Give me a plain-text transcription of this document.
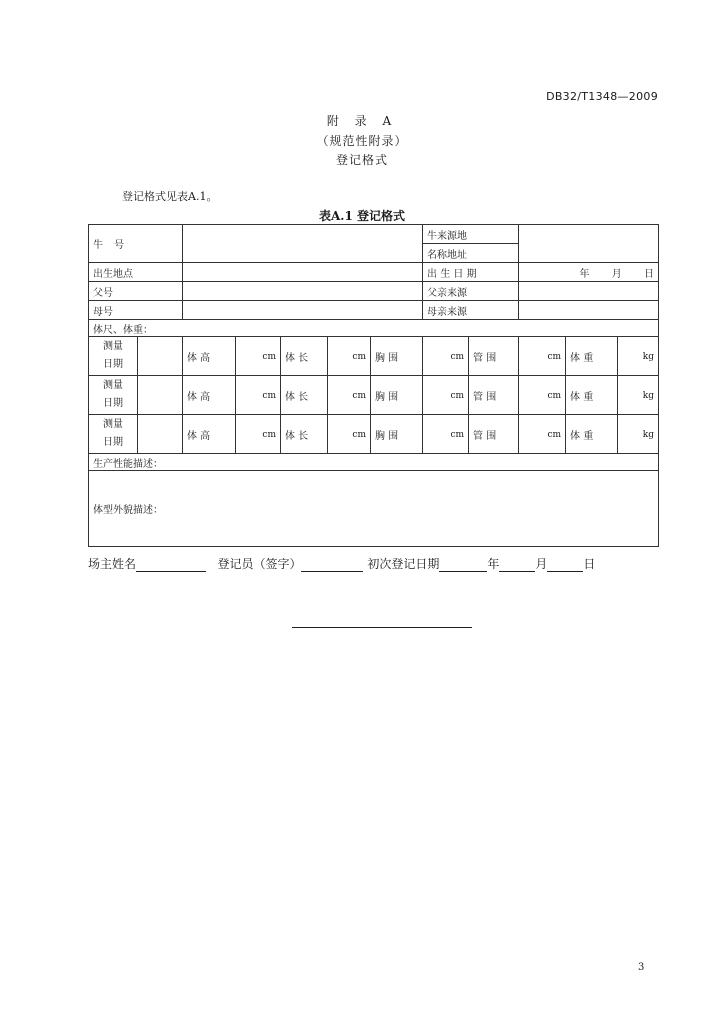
DB32/T1348—2009
附 录 A
（规范性附录）
登记格式
登记格式见表A.1。
表A.1 登记格式
牛 号							牛来源地				
							名称地址				
出生地点							出 生 日 期		年 月 日		
父号							父亲来源				
母号							母亲来源				
体尺、体重：											
测量
日期		体 高	cm	体 长	cm	胸 围	cm	管 围	cm	体 重	kg
测量
日期		体 高	cm	体 长	cm	胸 围	cm	管 围	cm	体 重	kg
测量
日期		体 高	cm	体 长	cm	胸 围	cm	管 围	cm	体 重	kg
生产性能描述：											
体型外貌描述：											
场主姓名	登记员（签字）	初次登记日期	年	月	日
3
